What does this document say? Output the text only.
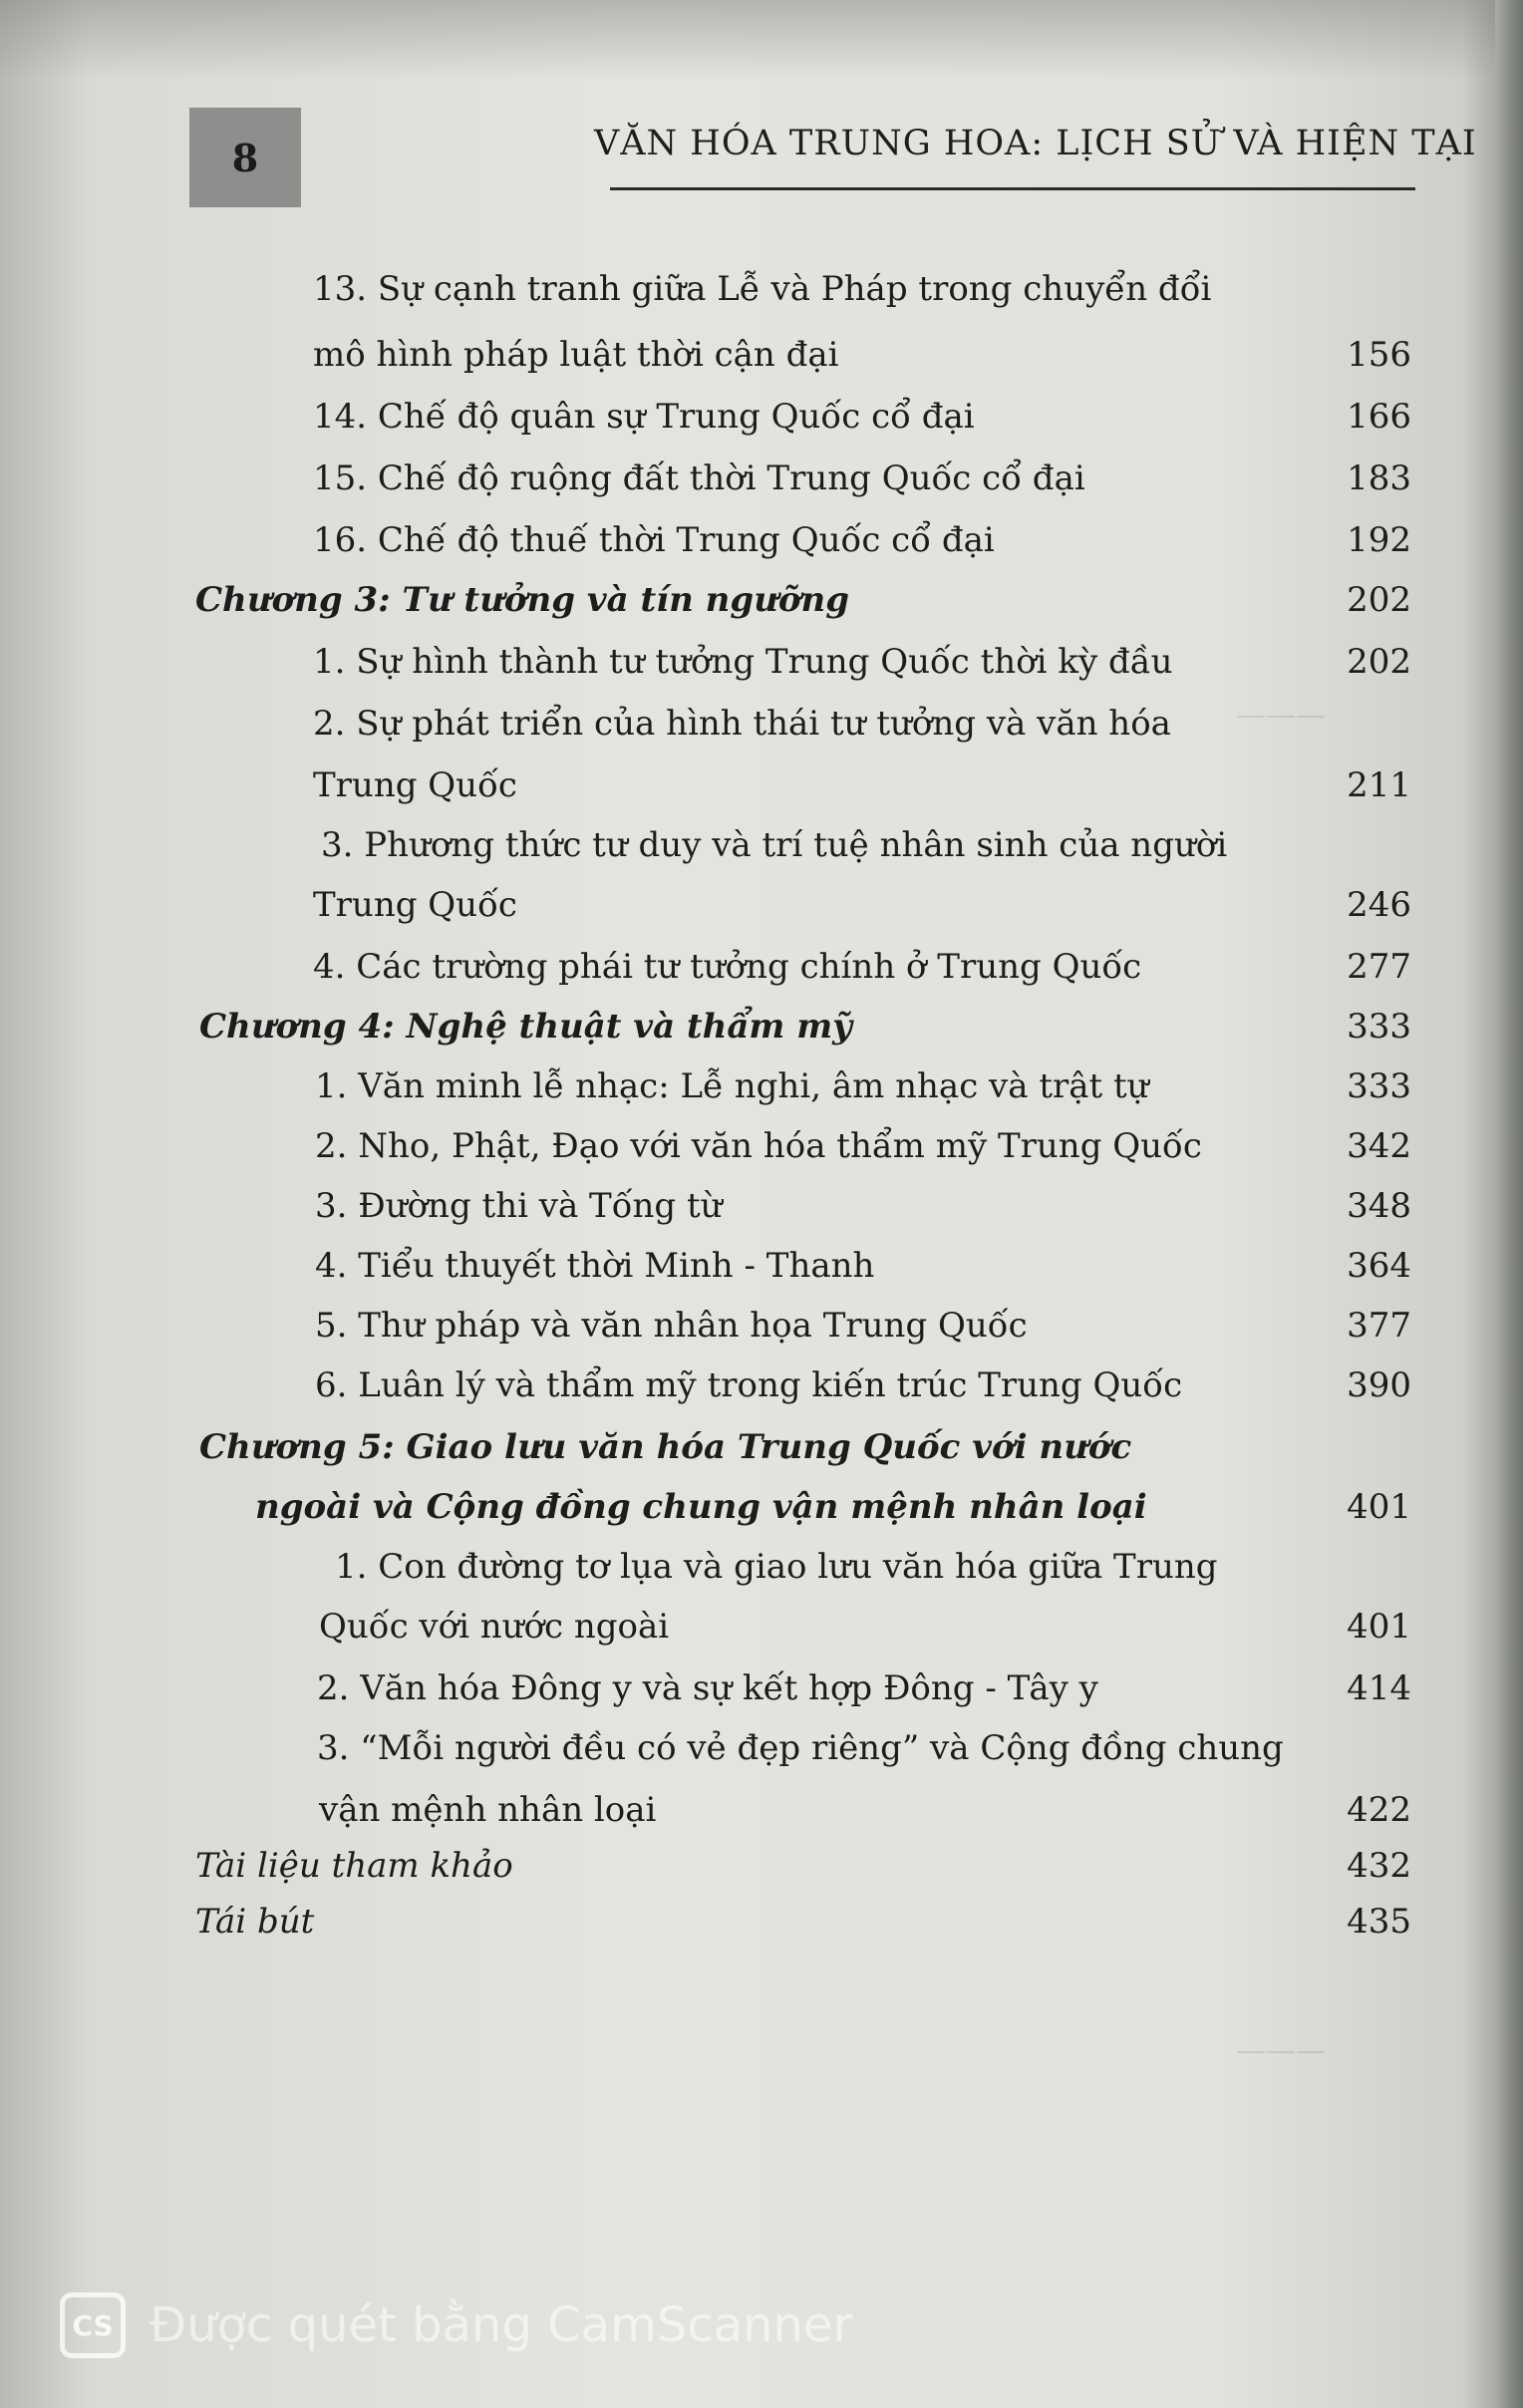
———
———
8	VĂN HÓA TRUNG HOA: LỊCH SỬ VÀ HIỆN TẠI
13. Sự cạnh tranh giữa Lễ và Pháp trong chuyển đổi
mô hình pháp luật thời cận đại	156
14. Chế độ quân sự Trung Quốc cổ đại	166
15. Chế độ ruộng đất thời Trung Quốc cổ đại	183
16. Chế độ thuế thời Trung Quốc cổ đại	192
Chương 3: Tư tưởng và tín ngưỡng	202
1. Sự hình thành tư tưởng Trung Quốc thời kỳ đầu	202
2. Sự phát triển của hình thái tư tưởng và văn hóa
Trung Quốc	211
3. Phương thức tư duy và trí tuệ nhân sinh của người
Trung Quốc	246
4. Các trường phái tư tưởng chính ở Trung Quốc	277
Chương 4: Nghệ thuật và thẩm mỹ	333
1. Văn minh lễ nhạc: Lễ nghi, âm nhạc và trật tự	333
2. Nho, Phật, Đạo với văn hóa thẩm mỹ Trung Quốc	342
3. Đường thi và Tống từ	348
4. Tiểu thuyết thời Minh - Thanh	364
5. Thư pháp và văn nhân họa Trung Quốc	377
6. Luân lý và thẩm mỹ trong kiến trúc Trung Quốc	390
Chương 5: Giao lưu văn hóa Trung Quốc với nước
ngoài và Cộng đồng chung vận mệnh nhân loại	401
1. Con đường tơ lụa và giao lưu văn hóa giữa Trung
Quốc với nước ngoài	401
2. Văn hóa Đông y và sự kết hợp Đông - Tây y	414
3. “Mỗi người đều có vẻ đẹp riêng” và Cộng đồng chung
vận mệnh nhân loại	422
Tài liệu tham khảo	432
Tái bút	435
CS Được quét bằng CamScanner
